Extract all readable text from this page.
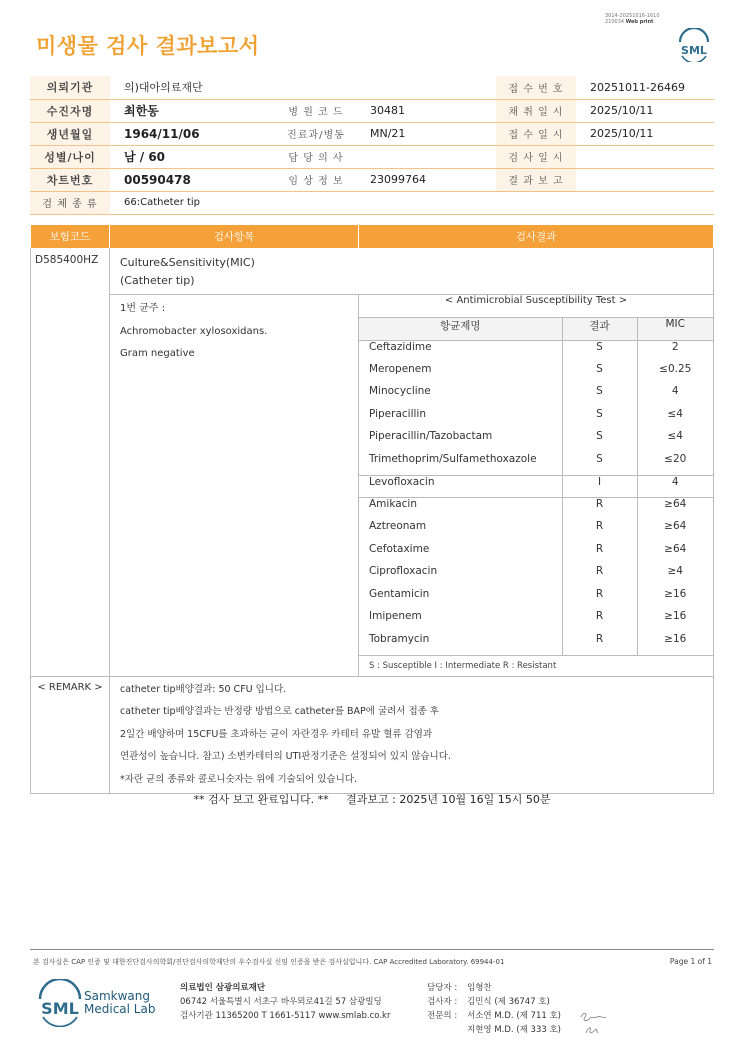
미생물 검사 결과보고서
3014-20251016-1610
210034 Web print
SML
의뢰기관	의)대아의료재단			접 수 번 호	20251011-26469
수진자명	최한동	병 원 코 드	30481	채 취 일 시	2025/10/11
생년월일	1964/11/06	진료과/병동	MN/21	접 수 일 시	2025/10/11
성별/나이	남 / 60	담 당 의 사		검 사 일 시	
차트번호	00590478	임 상 정 보	23099764	결 과 보 고	
검 체 종 류	66:Catheter tip				
보험코드	검사항목	검사결과
D585400HZ	Culture&Sensitivity(MIC)
(Catheter tip)
1번 균주 :
Achromobacter xylosoxidans.
Gram negative
< Antimicrobial Susceptibility Test >
항균제명	결과	MIC
Ceftazidime	S	2
Meropenem	S	≤0.25
Minocycline	S	4
Piperacillin	S	≤4
Piperacillin/Tazobactam	S	≤4
Trimethoprim/Sulfamethoxazole	S	≤20
Levofloxacin	I	4
Amikacin	R	≥64
Aztreonam	R	≥64
Cefotaxime	R	≥64
Ciprofloxacin	R	≥4
Gentamicin	R	≥16
Imipenem	R	≥16
Tobramycin	R	≥16
S : Susceptible I : Intermediate R : Resistant
< REMARK >	catheter tip배양결과: 50 CFU 입니다.
catheter tip배양결과는 반정량 방법으로 catheter를 BAP에 굴려서 접종 후
2일간 배양하며 15CFU를 초과하는 균이 자란경우 카테터 유발 혈류 감염과
연관성이 높습니다. 참고) 소변카테터의 UTI판정기준은 설정되어 있지 않습니다.
*자란 균의 종류와 콜로니숫자는 위에 기술되어 있습니다.
** 검사 보고 완료입니다. **     결과보고 : 2025년 10월 16일 15시 50분
본 검사실은 CAP 인증 및 대한진단검사의학회/진단검사의학재단의 우수검사실 신임 인증을 받은 검사실입니다. CAP Accredited Laboratory. 69944-01	Page 1 of 1
SML
Samkwang
Medical Lab
의료법인 삼광의료재단
06742 서울특별시 서초구 바우뫼로41길 57 삼광빌딩
검사기관 11365200 T 1661-5117 www.smlab.co.kr
담당자 :	임형찬
검사자 :	김민식 (제 36747 호)
전문의 :	서소연 M.D. (제 711 호)
지현영 M.D. (제 333 호)
